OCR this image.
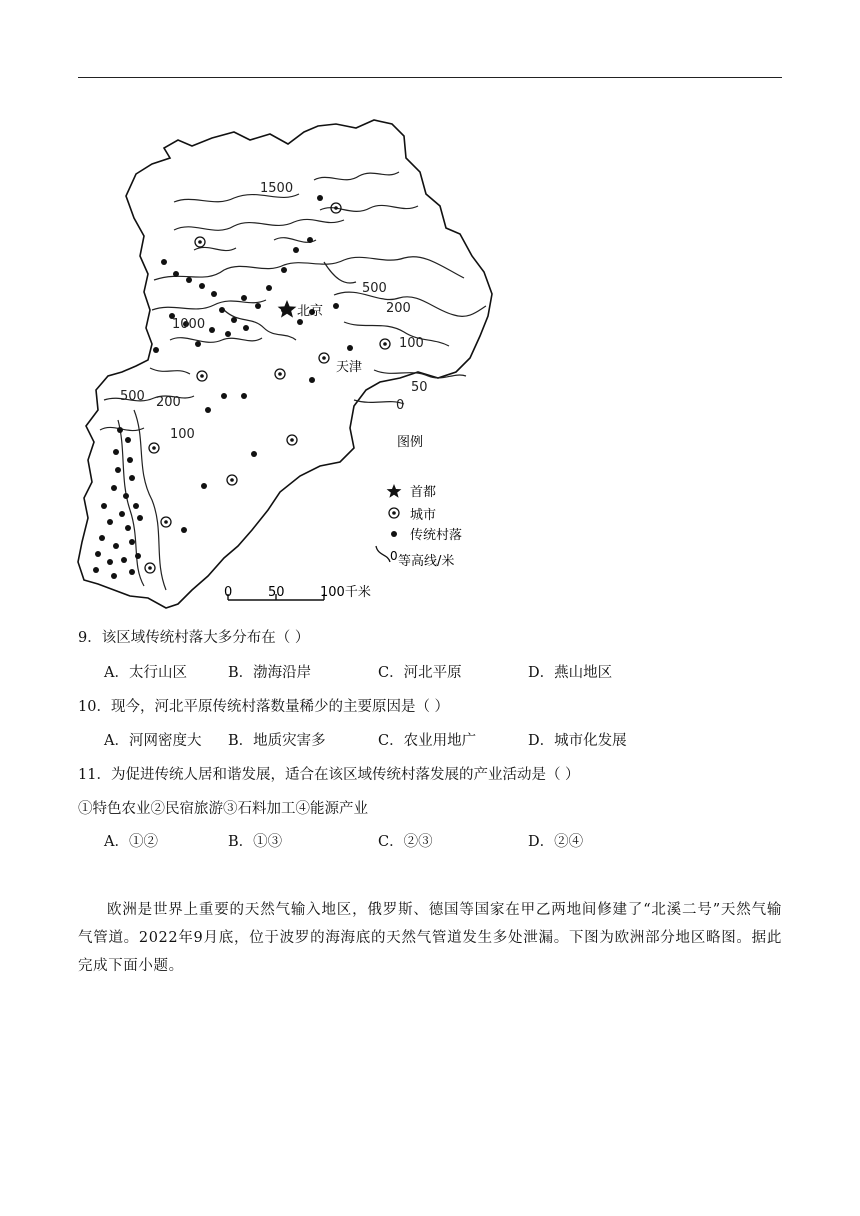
北京
天津
1500
500
200
1000
100
50
0
500 200
100
图例
首都
城市
传统村落
0 等高线/米
0	50	100千米
9．该区域传统村落大多分布在（ ）
A．太行山区	B．渤海沿岸	C．河北平原	D．燕山地区
10．现今，河北平原传统村落数量稀少的主要原因是（ ）
A．河网密度大 B．地质灾害多	C．农业用地广	D．城市化发展
11．为促进传统人居和谐发展，适合在该区域传统村落发展的产业活动是（ ）
①特色农业②民宿旅游③石料加工④能源产业
A．①②	B．①③	C．②③	D．②④
欧洲是世界上重要的天然气输入地区，俄罗斯、德国等国家在甲乙两地间修建了“北溪二号”天然气输气管道。2022年9月底，位于波罗的海海底的天然气管道发生多处泄漏。下图为欧洲部分地区略图。据此完成下面小题。
